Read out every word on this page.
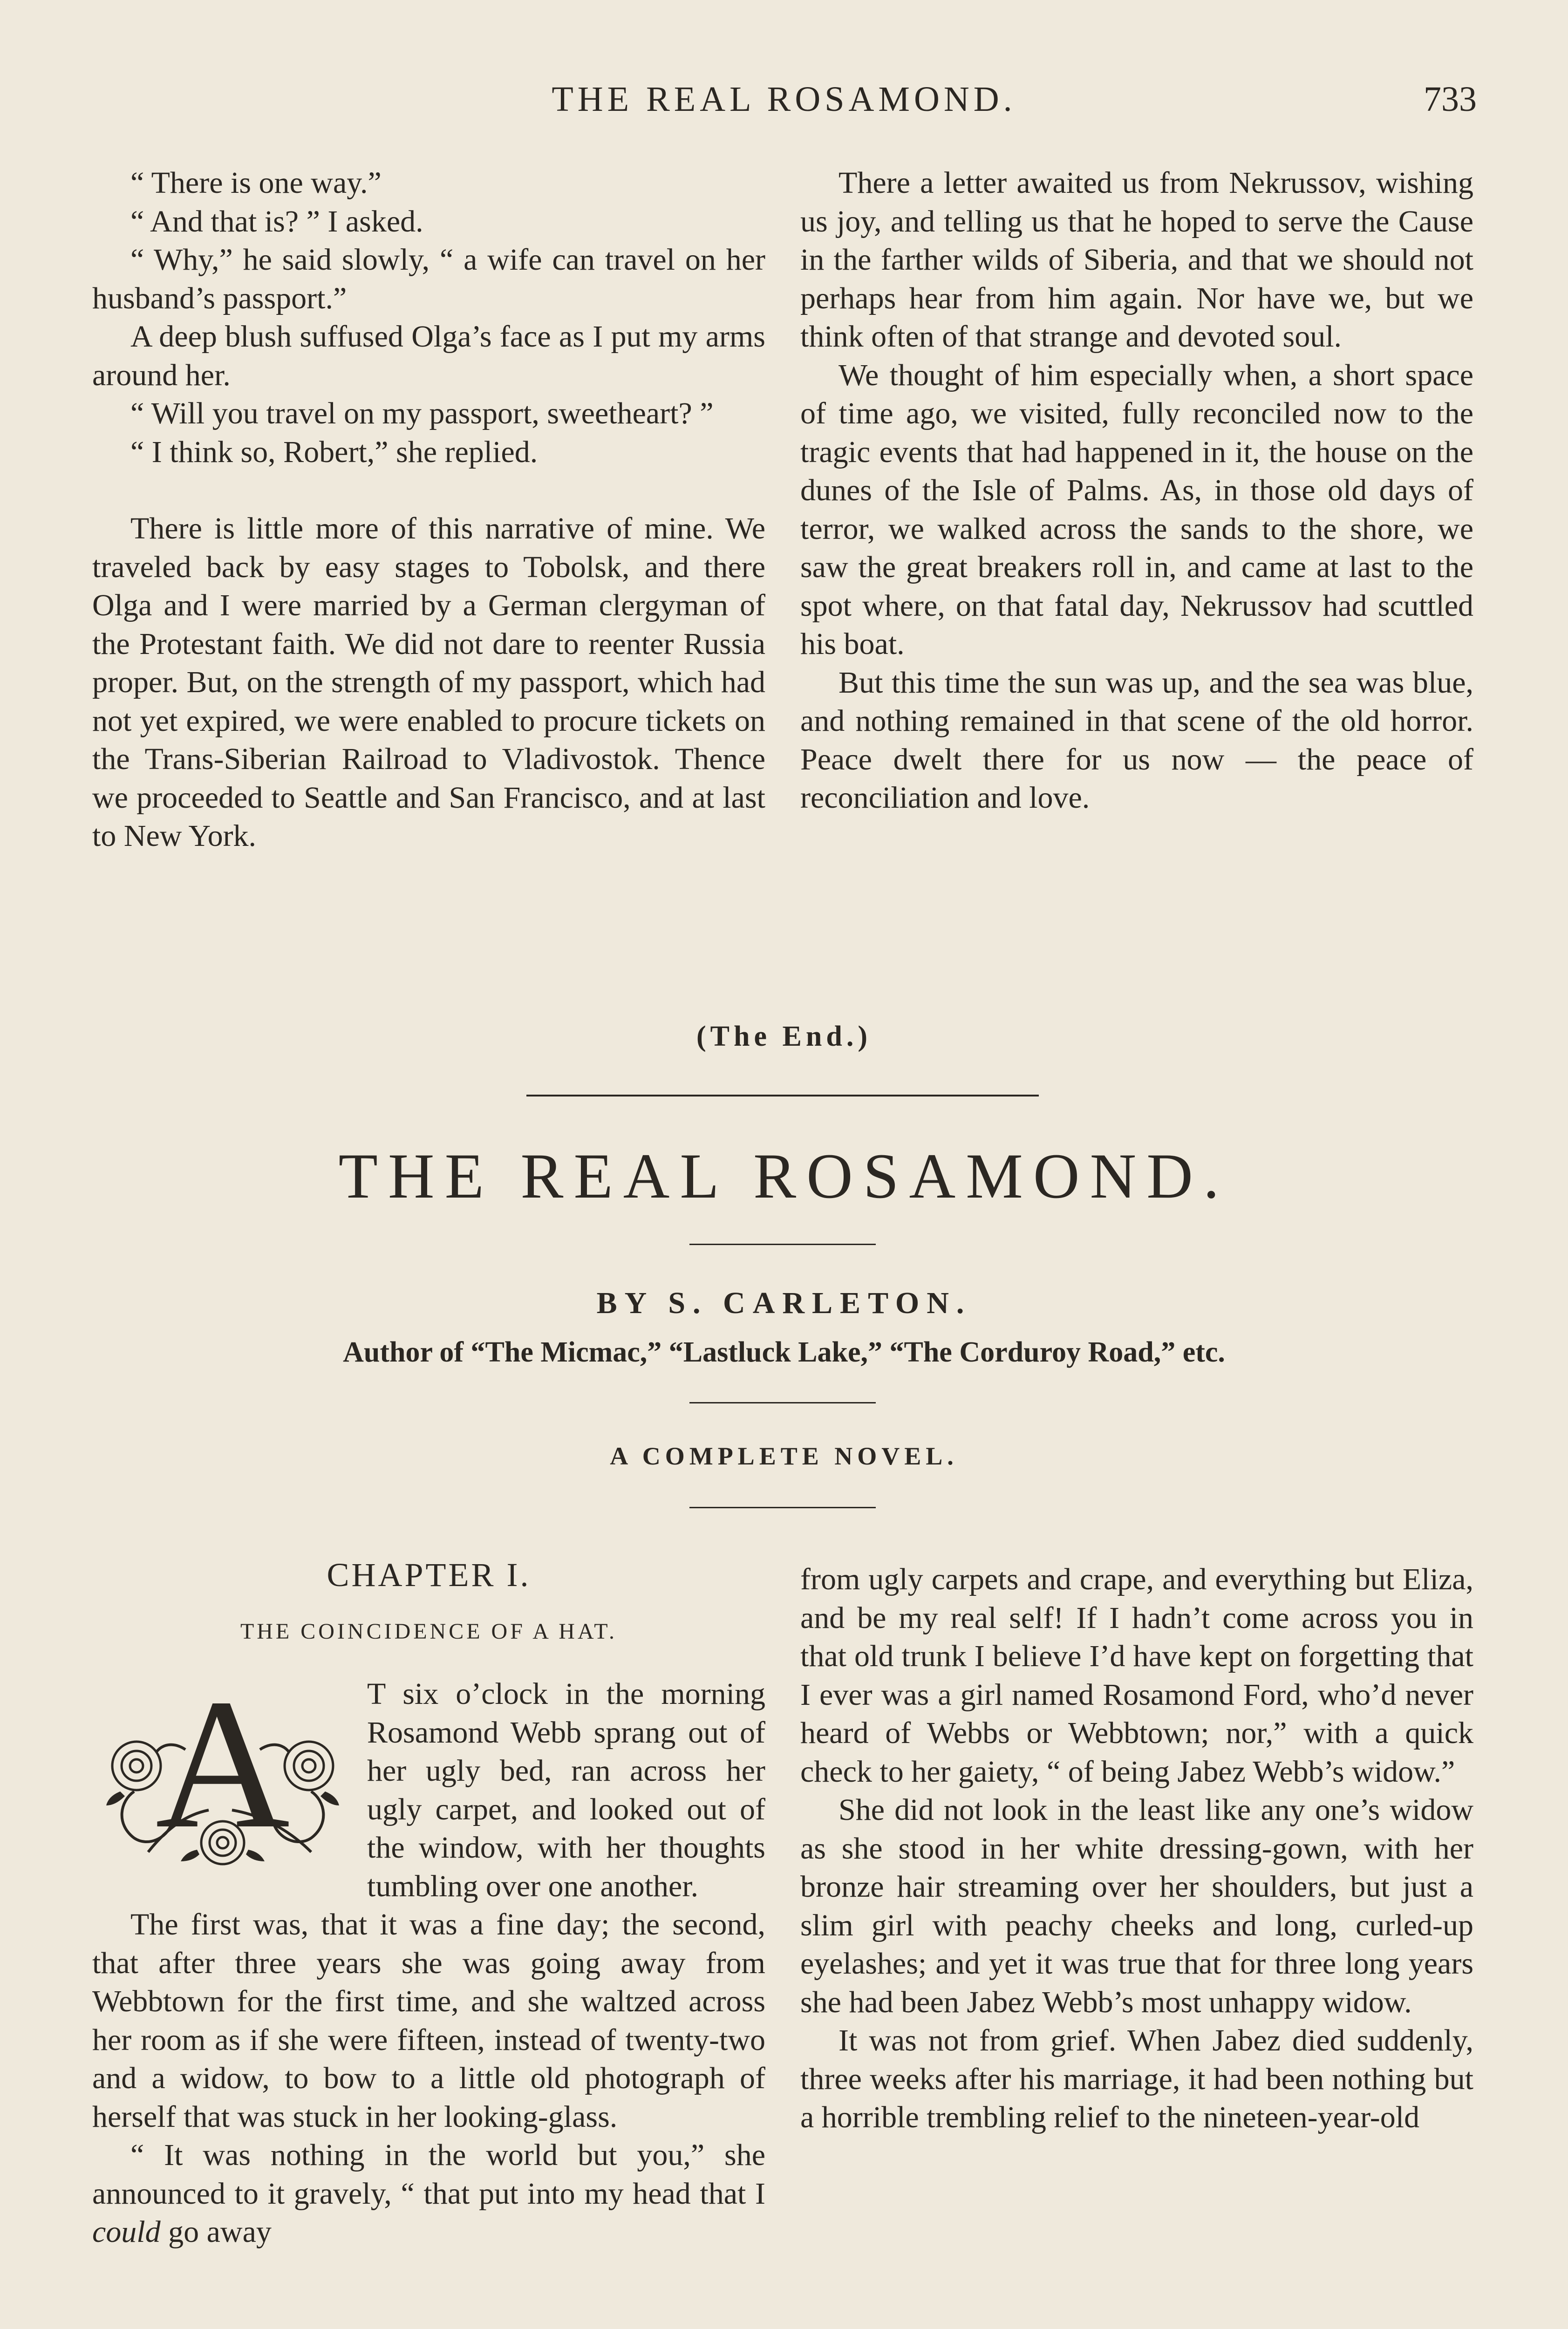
THE REAL ROSAMOND.	733

“ There is one way.”

“ And that is? ” I asked.

“ Why,” he said slowly, “ a wife can travel on her husband’s passport.”

A deep blush suffused Olga’s face as I put my arms around her.

“ Will you travel on my passport, sweetheart? ”

“ I think so, Robert,” she replied.

There is little more of this narrative of mine. We traveled back by easy stages to Tobolsk, and there Olga and I were married by a German clergyman of the Protestant faith. We did not dare to reenter Russia proper. But, on the strength of my passport, which had not yet expired, we were enabled to procure tickets on the Trans-Siberian Railroad to Vladivostok. Thence we proceeded to Seattle and San Francisco, and at last to New York.

There a letter awaited us from Nekrussov, wishing us joy, and telling us that he hoped to serve the Cause in the farther wilds of Siberia, and that we should not perhaps hear from him again. Nor have we, but we think often of that strange and devoted soul.

We thought of him especially when, a short space of time ago, we visited, fully reconciled now to the tragic events that had happened in it, the house on the dunes of the Isle of Palms. As, in those old days of terror, we walked across the sands to the shore, we saw the great breakers roll in, and came at last to the spot where, on that fatal day, Nekrussov had scuttled his boat.

But this time the sun was up, and the sea was blue, and nothing remained in that scene of the old horror. Peace dwelt there for us now — the peace of reconciliation and love.

(The End.)
THE REAL ROSAMOND.
BY S. CARLETON.
Author of “The Micmac,” “Lastluck Lake,” “The Corduroy Road,” etc.
A COMPLETE NOVEL.
CHAPTER I.
THE COINCIDENCE OF A HAT.
A	T six o’clock in the morning Rosamond Webb sprang out of her ugly bed, ran across her ugly carpet, and looked out of the window, with her thoughts tumbling over one another.

The first was, that it was a fine day; the second, that after three years she was going away from Webbtown for the first time, and she waltzed across her room as if she were fifteen, instead of twenty-two and a widow, to bow to a little old photograph of herself that was stuck in her looking-glass.

“ It was nothing in the world but you,” she announced to it gravely, “ that put into my head that I could go away

from ugly carpets and crape, and everything but Eliza, and be my real self! If I hadn’t come across you in that old trunk I believe I’d have kept on forgetting that I ever was a girl named Rosamond Ford, who’d never heard of Webbs or Webbtown; nor,” with a quick check to her gaiety, “ of being Jabez Webb’s widow.”

She did not look in the least like any one’s widow as she stood in her white dressing-gown, with her bronze hair streaming over her shoulders, but just a slim girl with peachy cheeks and long, curled-up eyelashes; and yet it was true that for three long years she had been Jabez Webb’s most unhappy widow.

It was not from grief. When Jabez died suddenly, three weeks after his marriage, it had been nothing but a horrible trembling relief to the nineteen-year-old
